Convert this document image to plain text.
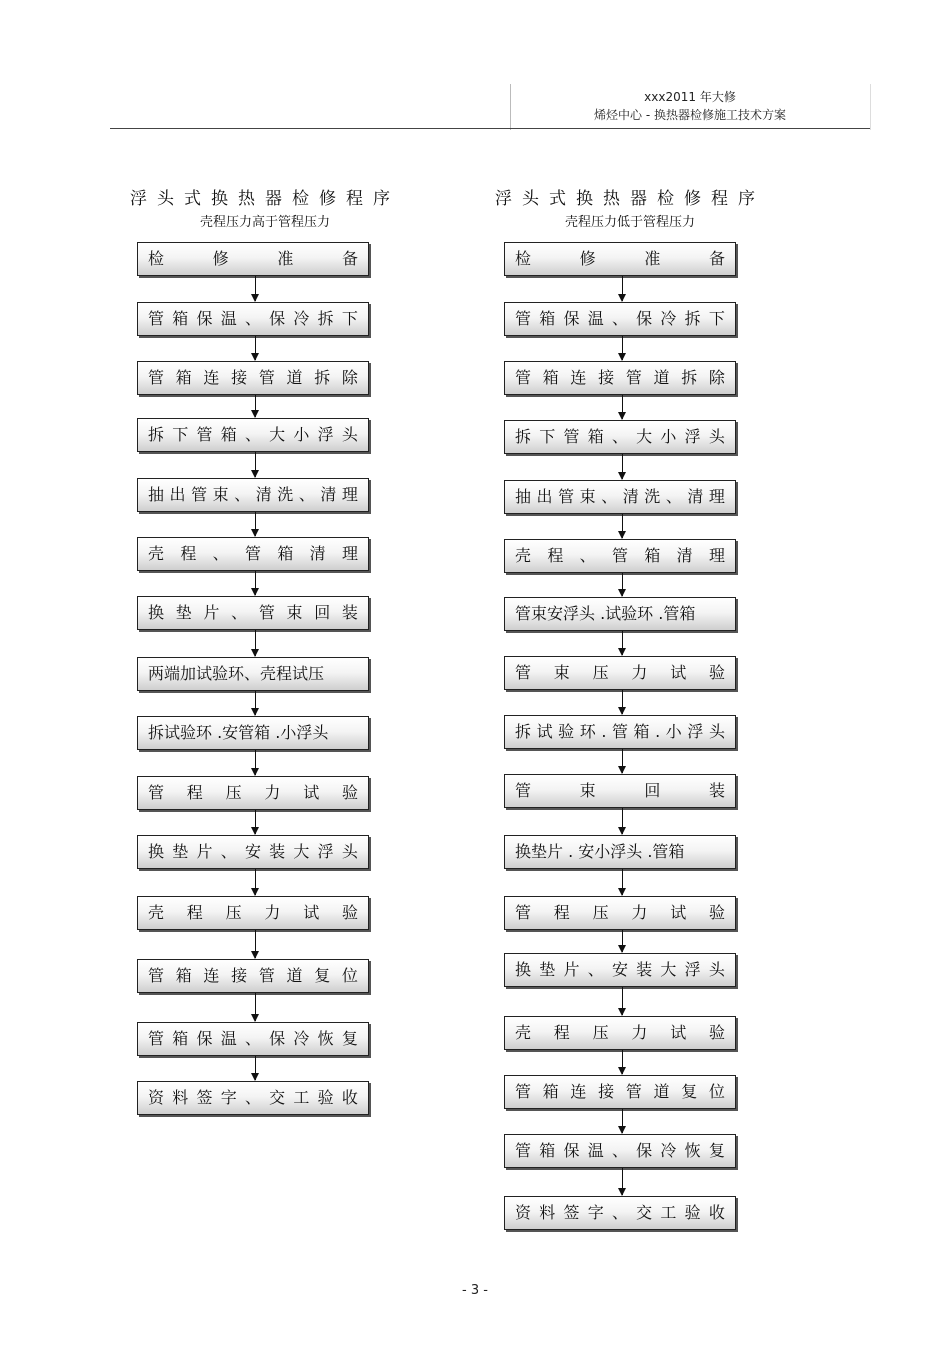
xxx2011 年大修
烯烃中心 - 换热器检修施工技术方案
浮头式换热器检修程序
壳程压力高于管程压力
浮头式换热器检修程序
壳程压力低于管程压力
检	修	准	备
管 箱 保 温 、 保 冷 拆 下
管 箱 连 接 管 道 拆 除
拆 下 管 箱 、 大 小 浮 头
抽 出 管 束 、 清 洗 、 清 理
壳 程 、 管 箱 清 理
换 垫 片 、 管 束 回 装
两端加试验环、壳程试压
拆试验环 .安管箱 .小浮头
管 程 压 力 试 验
换 垫 片 、 安 装 大 浮 头
壳 程 压 力 试 验
管 箱 连 接 管 道 复 位
管 箱 保 温 、 保 冷 恢 复
资 料 签 字 、 交 工 验 收
检	修	准	备
管 箱 保 温 、 保 冷 拆 下
管 箱 连 接 管 道 拆 除
拆 下 管 箱 、 大 小 浮 头
抽 出 管 束 、 清 洗 、 清 理
壳 程 、 管 箱 清 理
管束安浮头 .试验环 .管箱
管 束 压 力 试 验
拆 试 验 环 . 管 箱 . 小 浮 头
管	束	回	装
换垫片 . 安小浮头 .管箱
管 程 压 力 试 验
换 垫 片 、 安 装 大 浮 头
壳 程 压 力 试 验
管 箱 连 接 管 道 复 位
管 箱 保 温 、 保 冷 恢 复
资 料 签 字 、 交 工 验 收
- 3 -
